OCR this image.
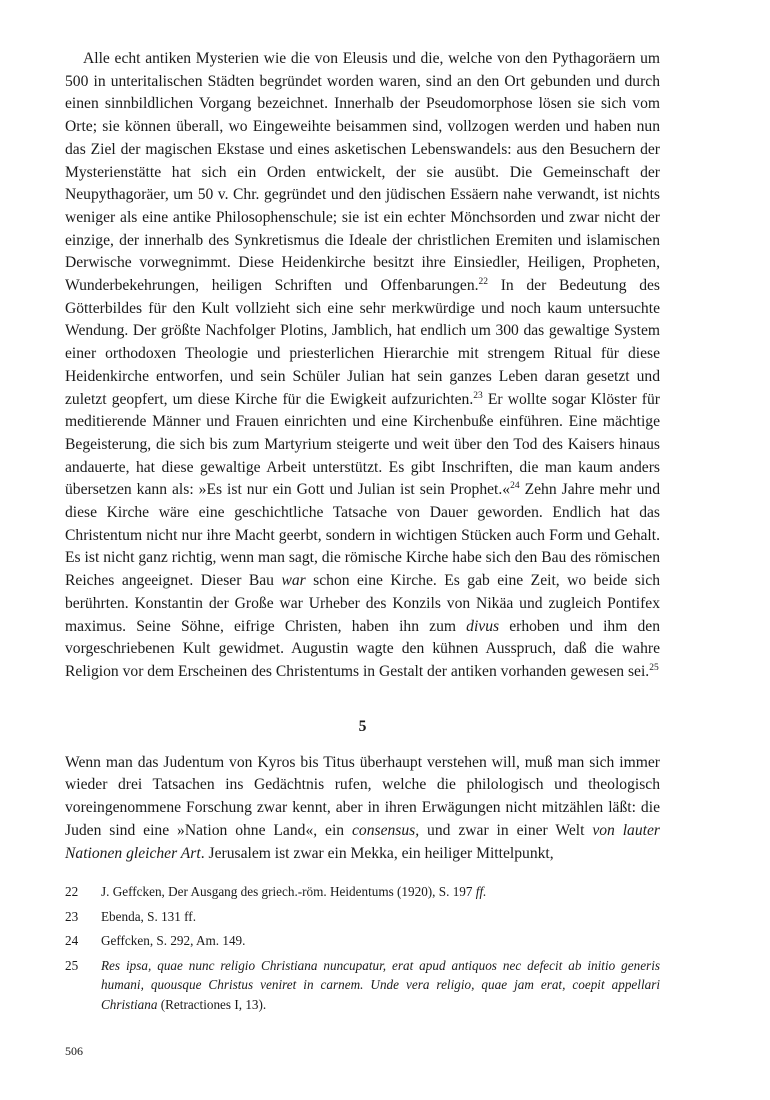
Alle echt antiken Mysterien wie die von Eleusis und die, welche von den Pythagoräern um 500 in unteritalischen Städten begründet worden waren, sind an den Ort gebunden und durch einen sinnbildlichen Vorgang bezeichnet. Innerhalb der Pseudomorphose lösen sie sich vom Orte; sie können überall, wo Eingeweihte beisammen sind, vollzogen werden und haben nun das Ziel der magischen Ekstase und eines asketischen Lebenswandels: aus den Besuchern der Mysterienstätte hat sich ein Orden entwickelt, der sie ausübt. Die Gemeinschaft der Neupythagoräer, um 50 v. Chr. gegründet und den jüdischen Essäern nahe verwandt, ist nichts weniger als eine antike Philosophenschule; sie ist ein echter Mönchsorden und zwar nicht der einzige, der innerhalb des Synkretismus die Ideale der christlichen Eremiten und islamischen Derwische vorwegnimmt. Diese Heidenkirche besitzt ihre Einsiedler, Heiligen, Propheten, Wunderbekehrungen, heiligen Schriften und Offenbarungen.$^{22}$ In der Bedeutung des Götterbildes für den Kult vollzieht sich eine sehr merkwürdige und noch kaum untersuchte Wendung. Der größte Nachfolger Plotins, Jamblich, hat endlich um 300 das gewaltige System einer orthodoxen Theologie und priesterlichen Hierarchie mit strengem Ritual für diese Heidenkirche entworfen, und sein Schüler Julian hat sein ganzes Leben daran gesetzt und zuletzt geopfert, um diese Kirche für die Ewigkeit aufzurichten.$^{23}$ Er wollte sogar Klöster für meditierende Männer und Frauen einrichten und eine Kirchenbuße einführen. Eine mächtige Begeisterung, die sich bis zum Martyrium steigerte und weit über den Tod des Kaisers hinaus andauerte, hat diese gewaltige Arbeit unterstützt. Es gibt Inschriften, die man kaum anders übersetzen kann als: »Es ist nur ein Gott und Julian ist sein Prophet.«$^{24}$ Zehn Jahre mehr und diese Kirche wäre eine geschichtliche Tatsache von Dauer geworden. Endlich hat das Christentum nicht nur ihre Macht geerbt, sondern in wichtigen Stücken auch Form und Gehalt. Es ist nicht ganz richtig, wenn man sagt, die römische Kirche habe sich den Bau des römischen Reiches angeeignet. Dieser Bau war schon eine Kirche. Es gab eine Zeit, wo beide sich berührten. Konstantin der Große war Urheber des Konzils von Nikäa und zugleich Pontifex maximus. Seine Söhne, eifrige Christen, haben ihn zum divus erhoben und ihm den vorgeschriebenen Kult gewidmet. Augustin wagte den kühnen Ausspruch, daß die wahre Religion vor dem Erscheinen des Christentums in Gestalt der antiken vorhanden gewesen sei.$^{25}$

5

Wenn man das Judentum von Kyros bis Titus überhaupt verstehen will, muß man sich immer wieder drei Tatsachen ins Gedächtnis rufen, welche die philologisch und theologisch voreingenommene Forschung zwar kennt, aber in ihren Erwägungen nicht mitzählen läßt: die Juden sind eine »Nation ohne Land«, ein consensus, und zwar in einer Welt von lauter Nationen gleicher Art. Jerusalem ist zwar ein Mekka, ein heiliger Mittelpunkt,

22	J. Geffcken, Der Ausgang des griech.-röm. Heidentums (1920), S. 197 ff.
23	Ebenda, S. 131 ff.
24	Geffcken, S. 292, Am. 149.
25	Res ipsa, quae nunc religio Christiana nuncupatur, erat apud antiquos nec defecit ab initio generis humani, quousque Christus veniret in carnem. Unde vera religio, quae jam erat, coepit appellari Christiana (Retractiones I, 13).
506
